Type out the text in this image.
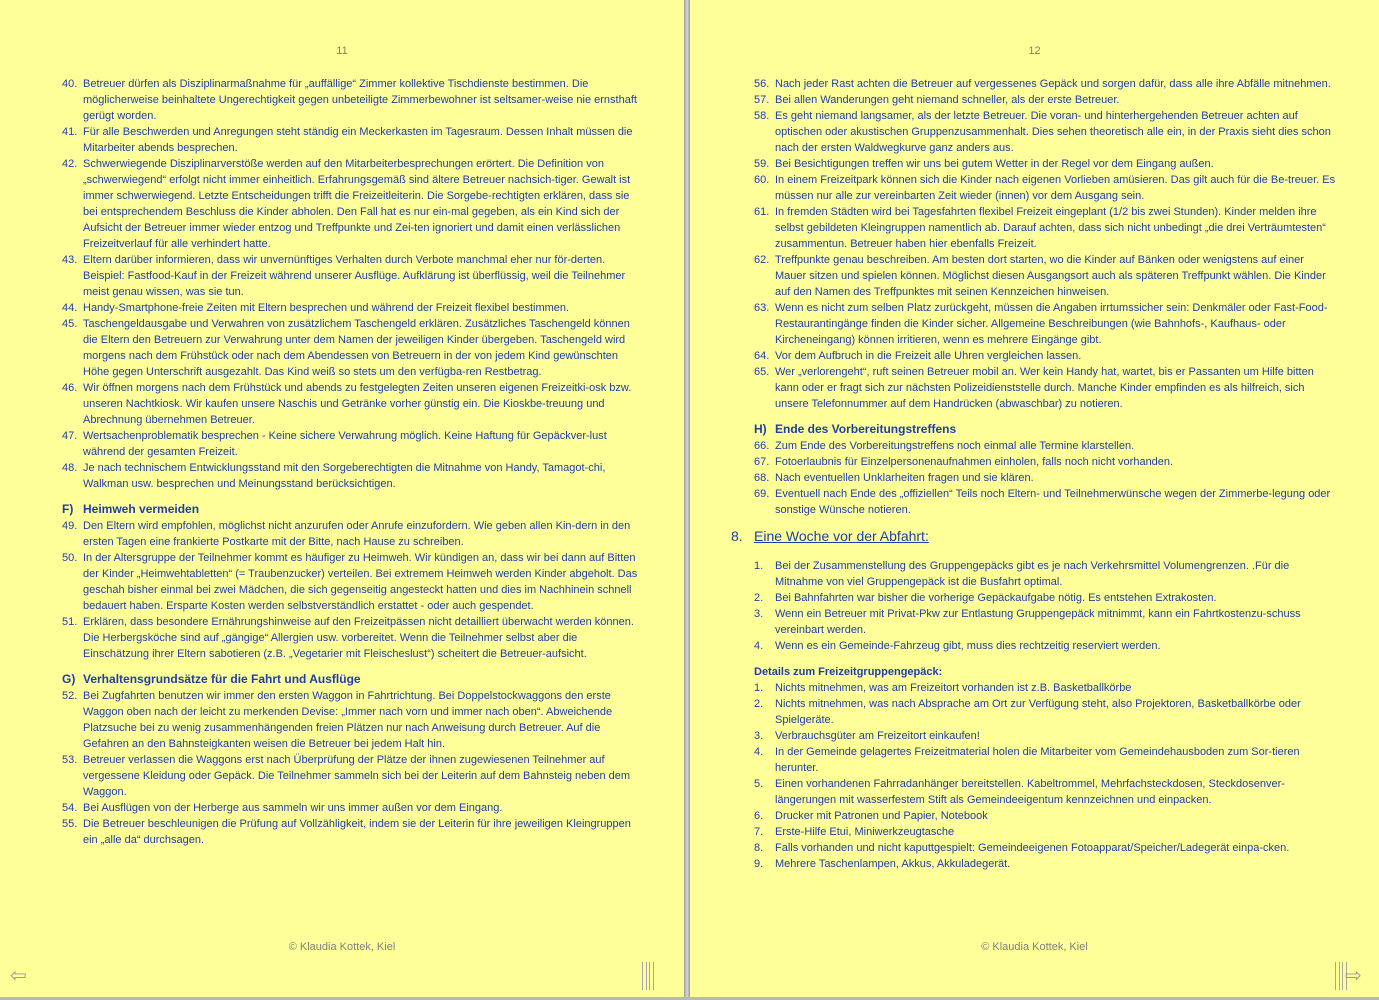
11
40. Betreuer dürfen als Disziplinarmaßnahme für „auffällige“ Zimmer kollektive Tischdienste bestimmen. Die möglicherweise beinhaltete Ungerechtigkeit gegen unbeteiligte Zimmerbewohner ist seltsamer-weise nie ernsthaft gerügt worden.
41. Für alle Beschwerden und Anregungen steht ständig ein Meckerkasten im Tagesraum. Dessen Inhalt müssen die Mitarbeiter abends besprechen.
42. Schwerwiegende Disziplinarverstöße werden auf den Mitarbeiterbesprechungen erörtert. Die Definition von „schwerwiegend“ erfolgt nicht immer einheitlich. Erfahrungsgemäß sind ältere Betreuer nachsich-tiger. Gewalt ist immer schwerwiegend. Letzte Entscheidungen trifft die Freizeitleiterin. Die Sorgebe-rechtigten erklären, dass sie bei entsprechendem Beschluss die Kinder abholen. Den Fall hat es nur ein-mal gegeben, als ein Kind sich der Aufsicht der Betreuer immer wieder entzog und Treffpunkte und Zei-ten ignoriert und damit einen verlässlichen Freizeitverlauf für alle verhindert hatte.
43. Eltern darüber informieren, dass wir unvernünftiges Verhalten durch Verbote manchmal eher nur för-derten. Beispiel: Fastfood-Kauf in der Freizeit während unserer Ausflüge. Aufklärung ist überflüssig, weil die Teilnehmer meist genau wissen, was sie tun.
44. Handy-Smartphone-freie Zeiten mit Eltern besprechen und während der Freizeit flexibel bestimmen.
45. Taschengeldausgabe und Verwahren von zusätzlichem Taschengeld erklären. Zusätzliches Taschengeld können die Eltern den Betreuern zur Verwahrung unter dem Namen der jeweiligen Kinder übergeben. Taschengeld wird morgens nach dem Frühstück oder nach dem Abendessen von Betreuern in der von jedem Kind gewünschten Höhe gegen Unterschrift ausgezahlt. Das Kind weiß so stets um den verfügba-ren Restbetrag.
46. Wir öffnen morgens nach dem Frühstück und abends zu festgelegten Zeiten unseren eigenen Freizeitki-osk bzw. unseren Nachtkiosk. Wir kaufen unsere Naschis und Getränke vorher günstig ein. Die Kioskbe-treuung und Abrechnung übernehmen Betreuer.
47. Wertsachenproblematik besprechen - Keine sichere Verwahrung möglich. Keine Haftung für Gepäckver-lust während der gesamten Freizeit.
48. Je nach technischem Entwicklungsstand mit den Sorgeberechtigten die Mitnahme von Handy, Tamagot-chi, Walkman usw. besprechen und Meinungsstand berücksichtigen.
F) Heimweh vermeiden
49. Den Eltern wird empfohlen, möglichst nicht anzurufen oder Anrufe einzufordern. Wie geben allen Kin-dern in den ersten Tagen eine frankierte Postkarte mit der Bitte, nach Hause zu schreiben.
50. In der Altersgruppe der Teilnehmer kommt es häufiger zu Heimweh. Wir kündigen an, dass wir bei dann auf Bitten der Kinder „Heimwehtabletten“ (= Traubenzucker) verteilen. Bei extremem Heimweh werden Kinder abgeholt. Das geschah bisher einmal bei zwei Mädchen, die sich gegenseitig angesteckt hatten und dies im Nachhinein schnell bedauert haben. Ersparte Kosten werden selbstverständlich erstattet - oder auch gespendet.
51. Erklären, dass besondere Ernährungshinweise auf den Freizeitpässen nicht detailliert überwacht werden können. Die Herbergsköche sind auf „gängige“ Allergien usw. vorbereitet. Wenn die Teilnehmer selbst aber die Einschätzung ihrer Eltern sabotieren (z.B. „Vegetarier mit Fleischeslust“) scheitert die Betreuer-aufsicht.
G) Verhaltensgrundsätze für die Fahrt und Ausflüge
52. Bei Zugfahrten benutzen wir immer den ersten Waggon in Fahrtrichtung. Bei Doppelstockwaggons den erste Waggon oben nach der leicht zu merkenden Devise: „Immer nach vorn und immer nach oben“. Abweichende Platzsuche bei zu wenig zusammenhängenden freien Plätzen nur nach Anweisung durch Betreuer. Auf die Gefahren an den Bahnsteigkanten weisen die Betreuer bei jedem Halt hin.
53. Betreuer verlassen die Waggons erst nach Überprüfung der Plätze der ihnen zugewiesenen Teilnehmer auf vergessene Kleidung oder Gepäck. Die Teilnehmer sammeln sich bei der Leiterin auf dem Bahnsteig neben dem Waggon.
54. Bei Ausflügen von der Herberge aus sammeln wir uns immer außen vor dem Eingang.
55. Die Betreuer beschleunigen die Prüfung auf Vollzähligkeit, indem sie der Leiterin für ihre jeweiligen Kleingruppen ein „alle da“ durchsagen.
© Klaudia Kottek, Kiel
⇦
12
56. Nach jeder Rast achten die Betreuer auf vergessenes Gepäck und sorgen dafür, dass alle ihre Abfälle mitnehmen.
57. Bei allen Wanderungen geht niemand schneller, als der erste Betreuer.
58. Es geht niemand langsamer, als der letzte Betreuer. Die voran- und hinterhergehenden Betreuer achten auf optischen oder akustischen Gruppenzusammenhalt. Dies sehen theoretisch alle ein, in der Praxis sieht dies schon nach der ersten Waldwegkurve ganz anders aus.
59. Bei Besichtigungen treffen wir uns bei gutem Wetter in der Regel vor dem Eingang außen.
60. In einem Freizeitpark können sich die Kinder nach eigenen Vorlieben amüsieren. Das gilt auch für die Be-treuer. Es müssen nur alle zur vereinbarten Zeit wieder (innen) vor dem Ausgang sein.
61. In fremden Städten wird bei Tagesfahrten flexibel Freizeit eingeplant (1/2 bis zwei Stunden). Kinder melden ihre selbst gebildeten Kleingruppen namentlich ab. Darauf achten, dass sich nicht unbedingt „die drei Verträumtesten“ zusammentun. Betreuer haben hier ebenfalls Freizeit.
62. Treffpunkte genau beschreiben. Am besten dort starten, wo die Kinder auf Bänken oder wenigstens auf einer Mauer sitzen und spielen können. Möglichst diesen Ausgangsort auch als späteren Treffpunkt wählen. Die Kinder auf den Namen des Treffpunktes mit seinen Kennzeichen hinweisen.
63. Wenn es nicht zum selben Platz zurückgeht, müssen die Angaben irrtumssicher sein: Denkmäler oder Fast-Food-Restaurantingänge finden die Kinder sicher. Allgemeine Beschreibungen (wie Bahnhofs-, Kaufhaus- oder Kircheneingang) können irritieren, wenn es mehrere Eingänge gibt.
64. Vor dem Aufbruch in die Freizeit alle Uhren vergleichen lassen.
65. Wer „verlorengeht“, ruft seinen Betreuer mobil an. Wer kein Handy hat, wartet, bis er Passanten um Hilfe bitten kann oder er fragt sich zur nächsten Polizeidienststelle durch. Manche Kinder empfinden es als hilfreich, sich unsere Telefonnummer auf dem Handrücken (abwaschbar) zu notieren.
H) Ende des Vorbereitungstreffens
66. Zum Ende des Vorbereitungstreffens noch einmal alle Termine klarstellen.
67. Fotoerlaubnis für Einzelpersonenaufnahmen einholen, falls noch nicht vorhanden.
68. Nach eventuellen Unklarheiten fragen und sie klären.
69. Eventuell nach Ende des „offiziellen“ Teils noch Eltern- und Teilnehmerwünsche wegen der Zimmerbe-legung oder sonstige Wünsche notieren.
8. Eine Woche vor der Abfahrt:
1.	Bei der Zusammenstellung des Gruppengepäcks gibt es je nach Verkehrsmittel Volumengrenzen. .Für die Mitnahme von viel Gruppengepäck ist die Busfahrt optimal.
2.	Bei Bahnfahrten war bisher die vorherige Gepäckaufgabe nötig. Es entstehen Extrakosten.
3.	Wenn ein Betreuer mit Privat-Pkw zur Entlastung Gruppengepäck mitnimmt, kann ein Fahrtkostenzu-schuss vereinbart werden.
4.	Wenn es ein Gemeinde-Fahrzeug gibt, muss dies rechtzeitig reserviert werden.
Details zum Freizeitgruppengepäck:
1.	Nichts mitnehmen, was am Freizeitort vorhanden ist z.B. Basketballkörbe
2.	Nichts mitnehmen, was nach Absprache am Ort zur Verfügung steht, also Projektoren, Basketballkörbe oder Spielgeräte.
3.	Verbrauchsgüter am Freizeitort einkaufen!
4.	In der Gemeinde gelagertes Freizeitmaterial holen die Mitarbeiter vom Gemeindehausboden zum Sor-tieren herunter.
5.	Einen vorhandenen Fahrradanhänger bereitstellen. Kabeltrommel, Mehrfachsteckdosen, Steckdosenver-längerungen mit wasserfestem Stift als Gemeindeeigentum kennzeichnen und einpacken.
6.	Drucker mit Patronen und Papier, Notebook
7.	Erste-Hilfe Etui, Miniwerkzeugtasche
8.	Falls vorhanden und nicht kaputtgespielt: Gemeindeeigenen Fotoapparat/Speicher/Ladegerät einpa-cken.
9.	Mehrere Taschenlampen, Akkus, Akkuladegerät.
© Klaudia Kottek, Kiel
⇨
